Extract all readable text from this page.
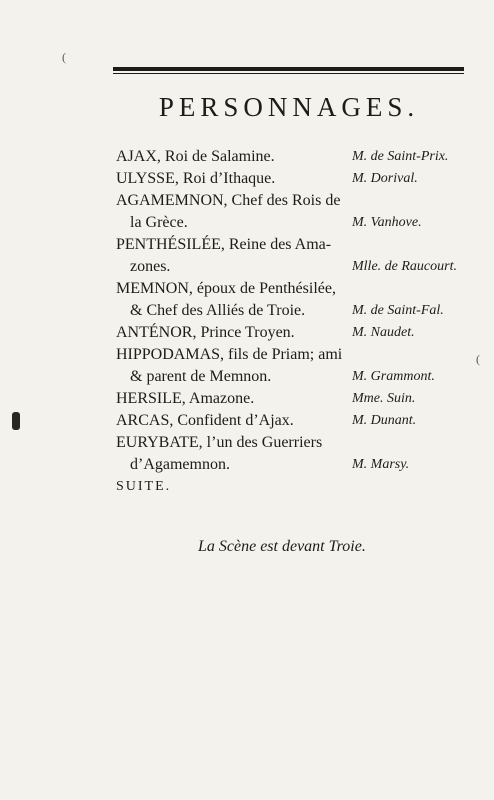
(
(
PERSONNAGES.
AJAX, Roi de Salamine.	M. de Saint-Prix.
ULYSSE, Roi d’Ithaque.	M. Dorival.
AGAMEMNON, Chef des Rois de
la Grèce.	M. Vanhove.
PENTHÉSILÉE, Reine des Ama-
zones.	Mlle. de Raucourt.
MEMNON, époux de Penthésilée,
& Chef des Alliés de Troie.	M. de Saint-Fal.
ANTÉNOR, Prince Troyen.	M. Naudet.
HIPPODAMAS, fils de Priam; ami
& parent de Memnon.	M. Grammont.
HERSILE, Amazone.	Mme. Suin.
ARCAS, Confident d’Ajax.	M. Dunant.
EURYBATE, l’un des Guerriers
d’Agamemnon.	M. Marsy.
SUITE.
La Scène est devant Troie.
